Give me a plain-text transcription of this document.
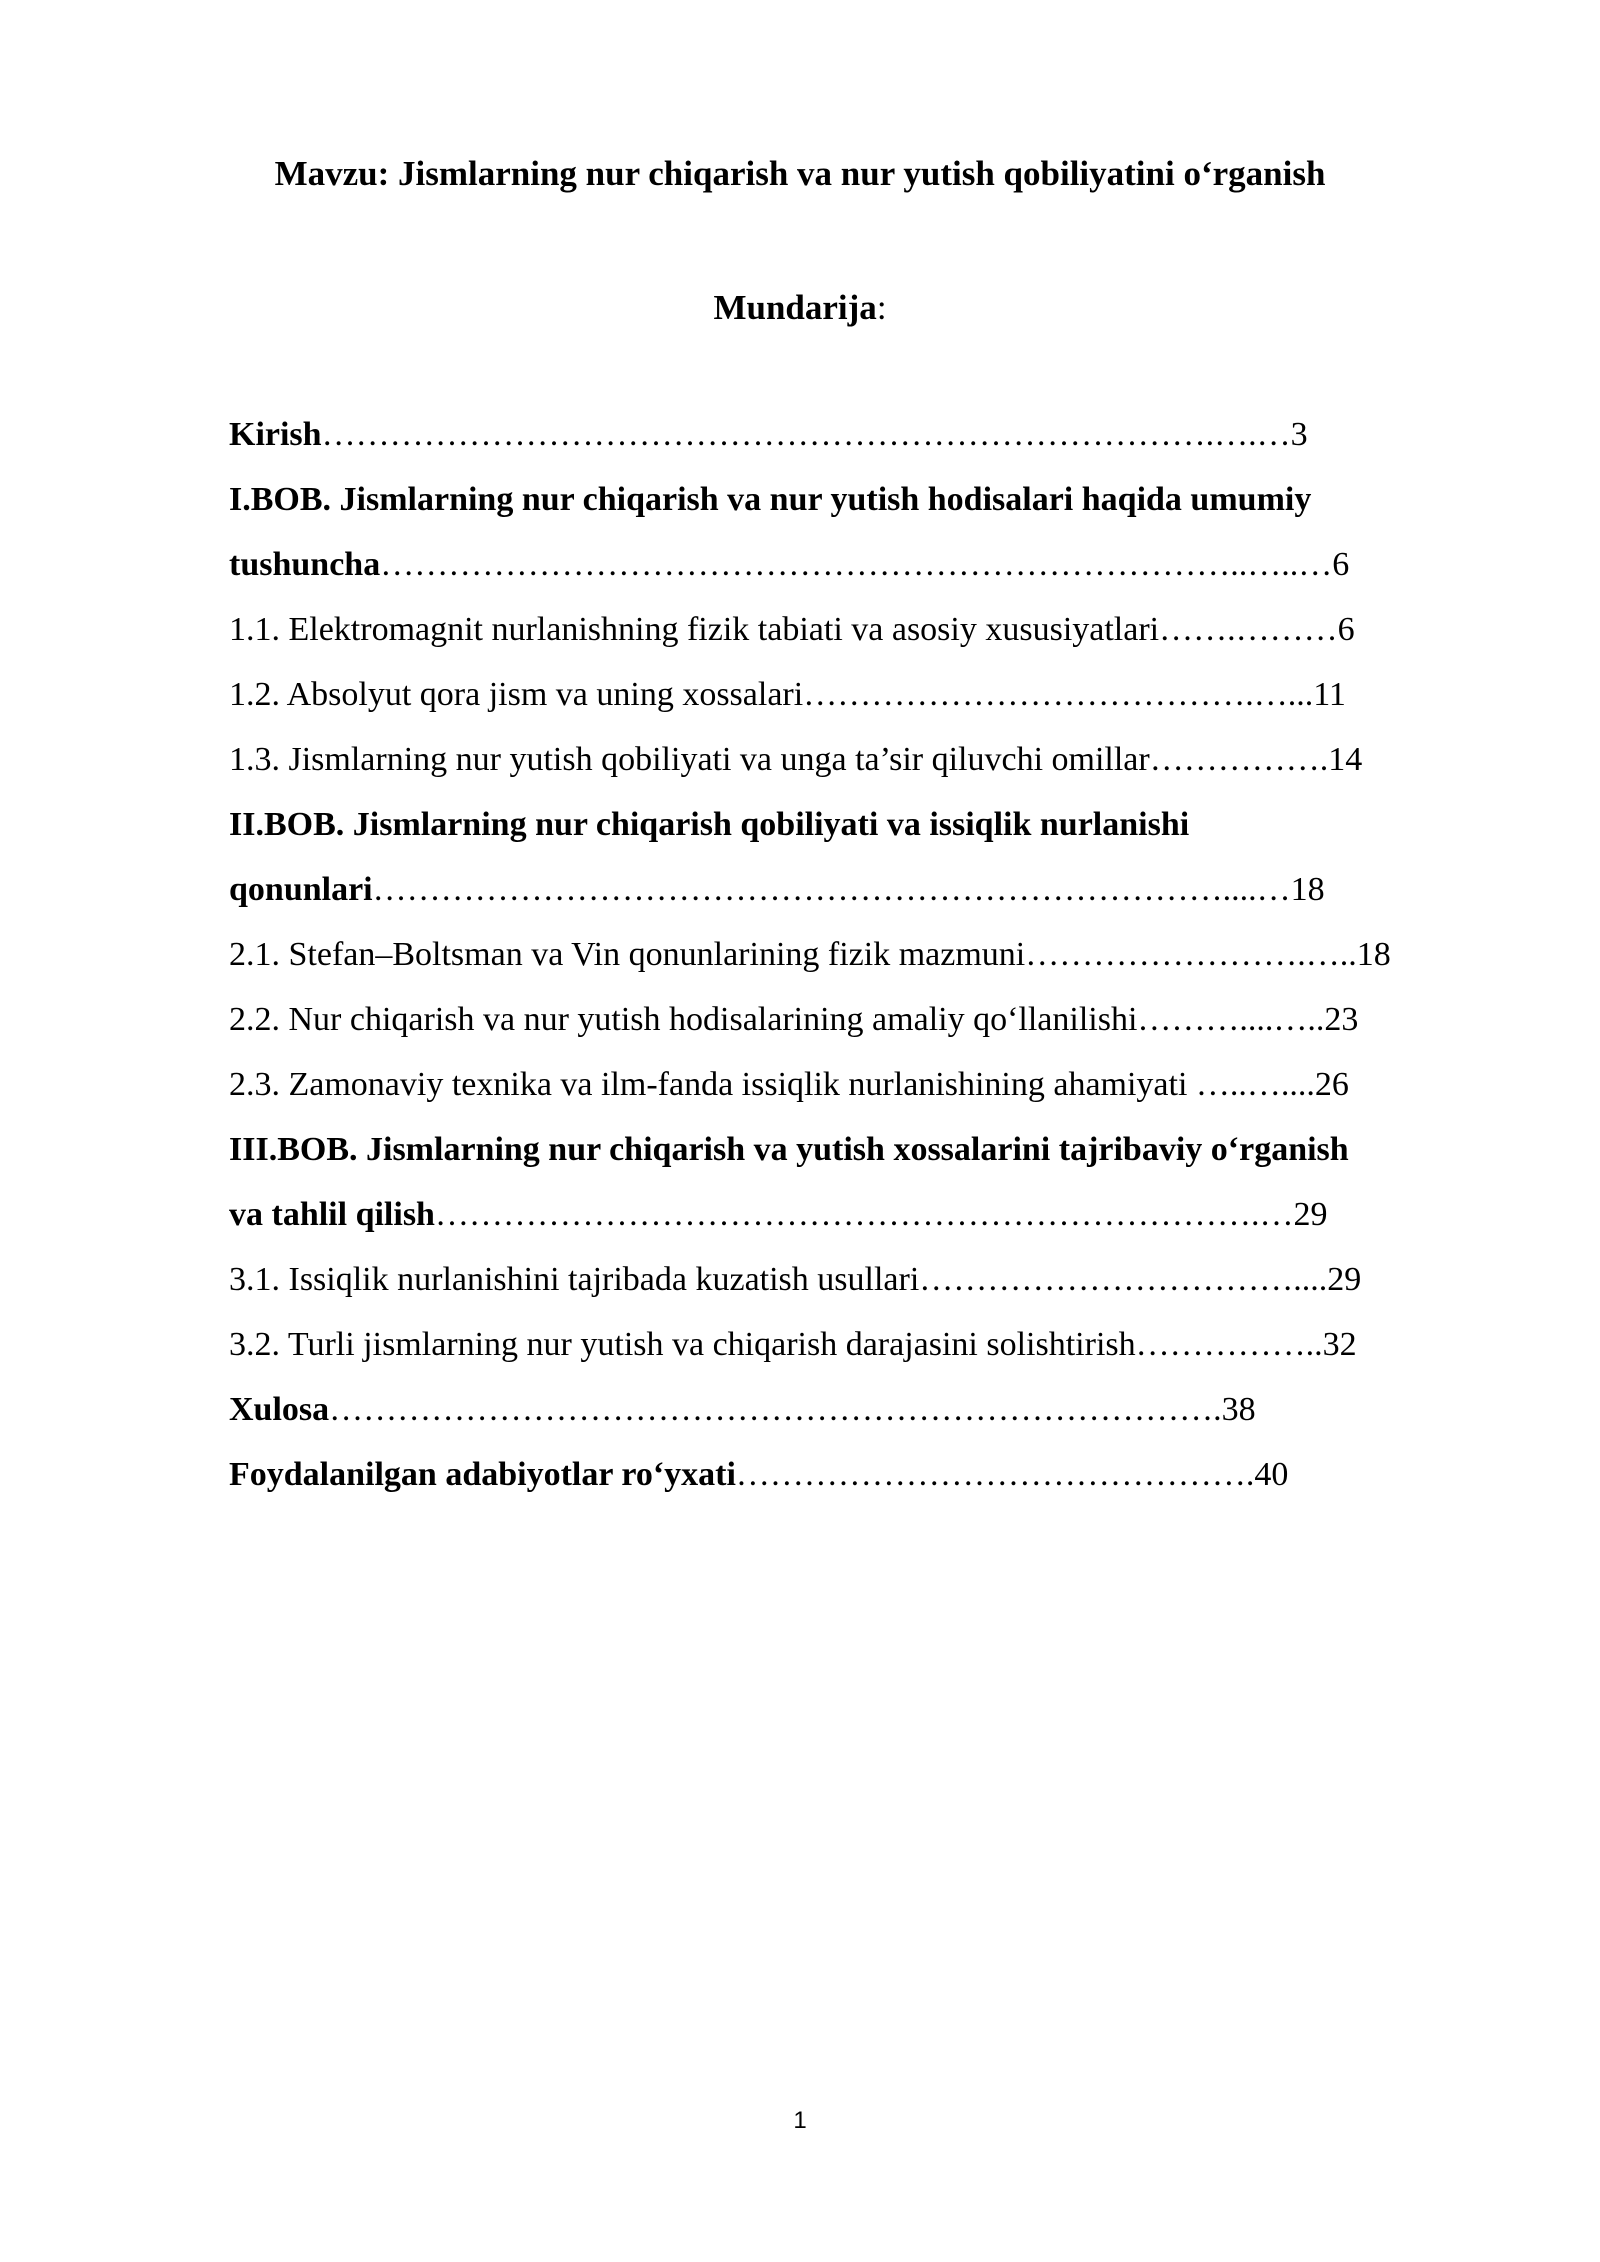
Mavzu: Jismlarning nur chiqarish va nur yutish qobiliyatini o‘rganish
Mundarija:
Kirish…………………………………………………………………….….…3
I.BOB. Jismlarning nur chiqarish va nur yutish hodisalari haqida umumiy
tushuncha…………………………………………………………………..…..…6
1.1. Elektromagnit nurlanishning fizik tabiati va asosiy xususiyatlari…….………6
1.2. Absolyut qora jism va uning xossalari………………………………….…...11
1.3. Jismlarning nur yutish qobiliyati va unga ta’sir qiluvchi omillar…………….14
II.BOB. Jismlarning nur chiqarish qobiliyati va issiqlik nurlanishi
qonunlari…………………………………………………………………....…18
2.1. Stefan–Boltsman va Vin qonunlarining fizik mazmuni…………………….…..18
2.2. Nur chiqarish va nur yutish hodisalarining amaliy qo‘llanilishi………....…..23
2.3. Zamonaviy texnika va ilm-fanda issiqlik nurlanishining ahamiyati …..…....26
III.BOB. Jismlarning nur chiqarish va yutish xossalarini tajribaviy o‘rganish
va tahlil qilish……………………………………………………………….…29
3.1. Issiqlik nurlanishini tajribada kuzatish usullari……………………………....29
3.2. Turli jismlarning nur yutish va chiqarish darajasini solishtirish……………..32
Xulosa…………………………………………………………………….38
Foydalanilgan adabiyotlar ro‘yxati……………………………………….40
1
